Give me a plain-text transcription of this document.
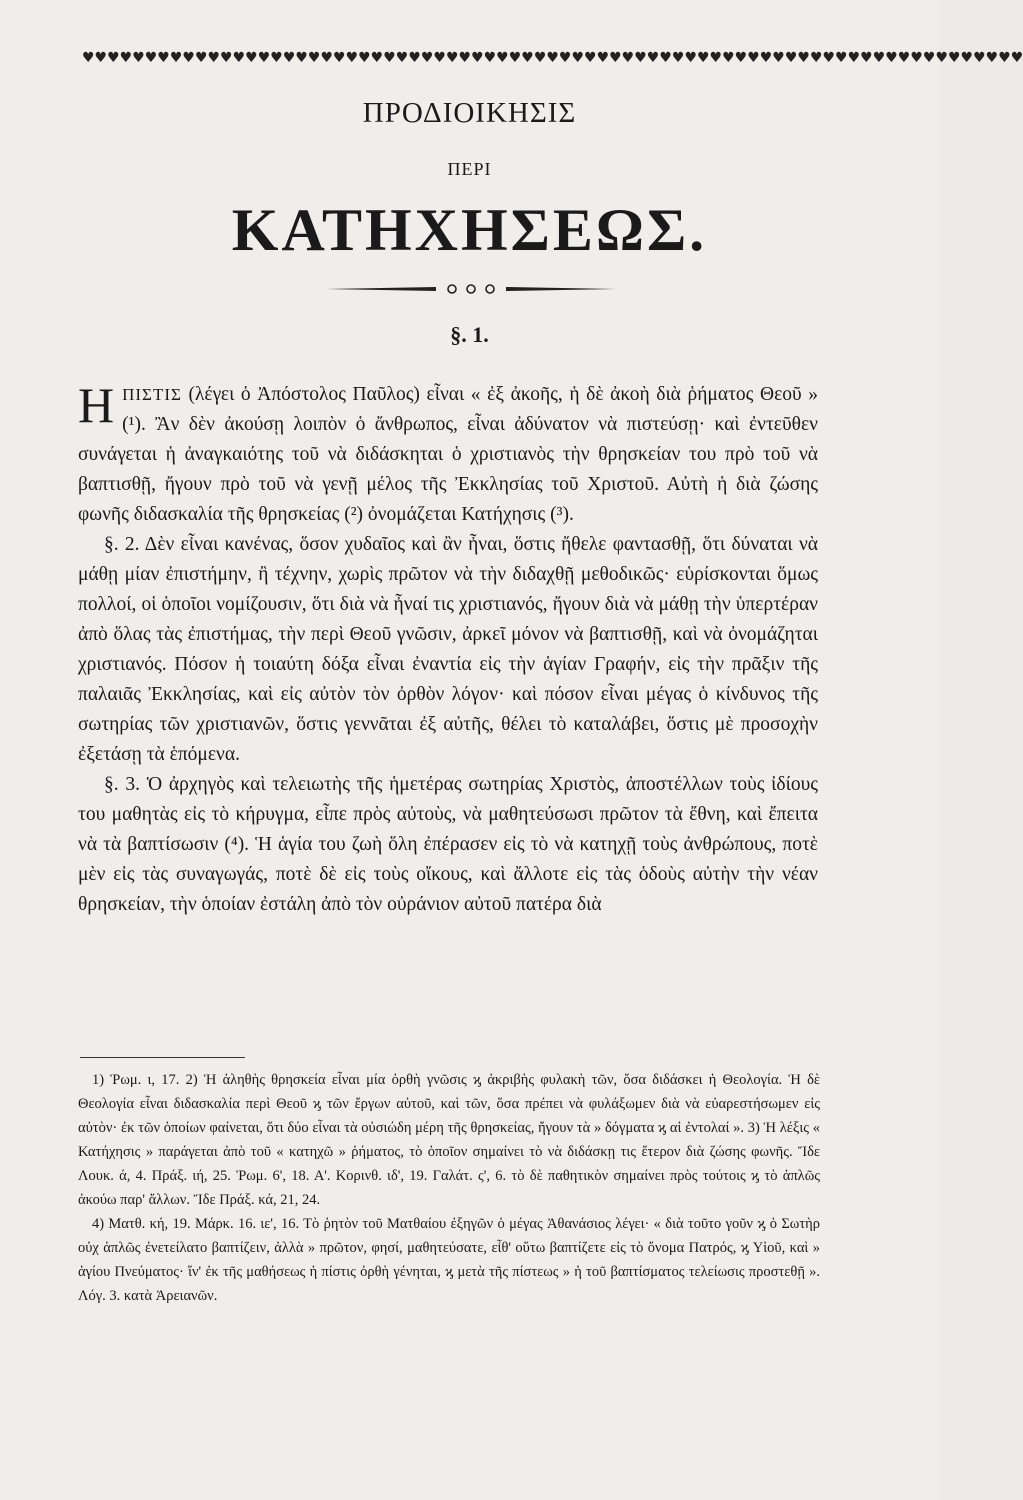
♥♥♥♥♥♥♥♥♥♥♥♥♥♥♥♥♥♥♥♥♥♥♥♥♥♥♥♥♥♥♥♥♥♥♥♥♥♥♥♥♥♥♥♥♥♥♥♥♥♥♥♥♥♥♥♥♥♥♥♥♥♥♥♥♥♥♥♥♥♥♥♥♥♥♥
ΠΡΟΔΙΟΙΚΗΣΙΣ
ΠΕΡΙ
ΚΑΤΗΧΗΣΕΩΣ.
§. 1.

ΗΠΙΣΤΙΣ (λέγει ὁ Ἀπόστολος Παῦλος) εἶναι « ἐξ ἀκοῆς, ἡ δὲ ἀκοὴ διὰ ῥήματος Θεοῦ » (¹). Ἂν δὲν ἀκούσῃ λοιπὸν ὁ ἄνθρωπος, εἶναι ἀδύνατον νὰ πιστεύσῃ· καὶ ἐντεῦθεν συνάγεται ἡ ἀναγκαιότης τοῦ νὰ διδάσκηται ὁ χριστιανὸς τὴν θρησκείαν του πρὸ τοῦ νὰ βαπτισθῇ, ἤγουν πρὸ τοῦ νὰ γενῇ μέλος τῆς Ἐκκλησίας τοῦ Χριστοῦ. Αὐτὴ ἡ διὰ ζώσης φωνῆς διδασκαλία τῆς θρησκείας (²) ὀνομάζεται Κατήχησις (³).

§. 2. Δὲν εἶναι κανένας, ὅσον χυδαῖος καὶ ἂν ἦναι, ὅστις ἤθελε φαντασθῇ, ὅτι δύναται νὰ μάθῃ μίαν ἐπιστήμην, ἢ τέχνην, χωρὶς πρῶτον νὰ τὴν διδαχθῇ μεθοδικῶς· εὑρίσκονται ὅμως πολλοί, οἱ ὁποῖοι νομίζουσιν, ὅτι διὰ νὰ ἦναί τις χριστιανός, ἤγουν διὰ νὰ μάθῃ τὴν ὑπερτέραν ἀπὸ ὅλας τὰς ἐπιστήμας, τὴν περὶ Θεοῦ γνῶσιν, ἀρκεῖ μόνον νὰ βαπτισθῇ, καὶ νὰ ὀνομάζηται χριστιανός. Πόσον ἡ τοιαύτη δόξα εἶναι ἐναντία εἰς τὴν ἁγίαν Γραφήν, εἰς τὴν πρᾶξιν τῆς παλαιᾶς Ἐκκλησίας, καὶ εἰς αὐτὸν τὸν ὀρθὸν λόγον· καὶ πόσον εἶναι μέγας ὁ κίνδυνος τῆς σωτηρίας τῶν χριστιανῶν, ὅστις γεννᾶται ἐξ αὐτῆς, θέλει τὸ καταλάβει, ὅστις μὲ προσοχὴν ἐξετάσῃ τὰ ἑπόμενα.

§. 3. Ὁ ἀρχηγὸς καὶ τελειωτὴς τῆς ἡμετέρας σωτηρίας Χριστὸς, ἀποστέλλων τοὺς ἰδίους του μαθητὰς εἰς τὸ κήρυγμα, εἶπε πρὸς αὐτοὺς, νὰ μαθητεύσωσι πρῶτον τὰ ἔθνη, καὶ ἔπειτα νὰ τὰ βαπτίσωσιν (⁴). Ἡ ἁγία του ζωὴ ὅλη ἐπέρασεν εἰς τὸ νὰ κατηχῇ τοὺς ἀνθρώπους, ποτὲ μὲν εἰς τὰς συναγωγάς, ποτὲ δὲ εἰς τοὺς οἴκους, καὶ ἄλλοτε εἰς τὰς ὁδοὺς αὐτὴν τὴν νέαν θρησκείαν, τὴν ὁποίαν ἐστάλη ἀπὸ τὸν οὐράνιον αὐτοῦ πατέρα διὰ

1) Ῥωμ. ι, 17. 2) Ἡ ἀληθὴς θρησκεία εἶναι μία ὀρθὴ γνῶσις ϗ ἀκριβὴς φυλακὴ τῶν, ὅσα διδάσκει ἡ Θεολογία. Ἡ δὲ Θεολογία εἶναι διδασκαλία περὶ Θεοῦ ϗ τῶν ἔργων αὐτοῦ, καὶ τῶν, ὅσα πρέπει νὰ φυλάξωμεν διὰ νὰ εὐαρεστήσωμεν εἰς αὐτὸν· ἐκ τῶν ὁποίων φαίνεται, ὅτι δύο εἶναι τὰ οὐσιώδη μέρη τῆς θρησκείας, ἤγουν τὰ » δόγματα ϗ αἱ ἐντολαί ». 3) Ἡ λέξις « Κατήχησις » παράγεται ἀπὸ τοῦ « κατηχῶ » ῥήματος, τὸ ὁποῖον σημαίνει τὸ νὰ διδάσκῃ τις ἕτερον διὰ ζώσης φωνῆς. Ἴδε Λουκ. ά, 4. Πράξ. ιή, 25. Ῥωμ. 6', 18. Α'. Κορινθ. ιδ', 19. Γαλάτ. ς', 6. τὸ δὲ παθητικὸν σημαίνει πρὸς τούτοις ϗ τὸ ἁπλῶς ἀκούω παρ' ἄλλων. Ἴδε Πράξ. κά, 21, 24.

4) Ματθ. κή, 19. Μάρκ. 16. ιε', 16. Τὸ ῥητὸν τοῦ Ματθαίου ἐξηγῶν ὁ μέγας Ἀθανάσιος λέγει· « διὰ τοῦτο γοῦν ϗ ὁ Σωτὴρ οὐχ ἁπλῶς ἐνετείλατο βαπτίζειν, ἀλλὰ » πρῶτον, φησί, μαθητεύσατε, εἶθ' οὕτω βαπτίζετε εἰς τὸ ὄνομα Πατρός, ϗ Υἱοῦ, καὶ » ἁγίου Πνεύματος· ἵν' ἐκ τῆς μαθήσεως ἡ πίστις ὀρθὴ γένηται, ϗ μετὰ τῆς πίστεως » ἡ τοῦ βαπτίσματος τελείωσις προστεθῇ ». Λόγ. 3. κατὰ Ἀρειανῶν.
